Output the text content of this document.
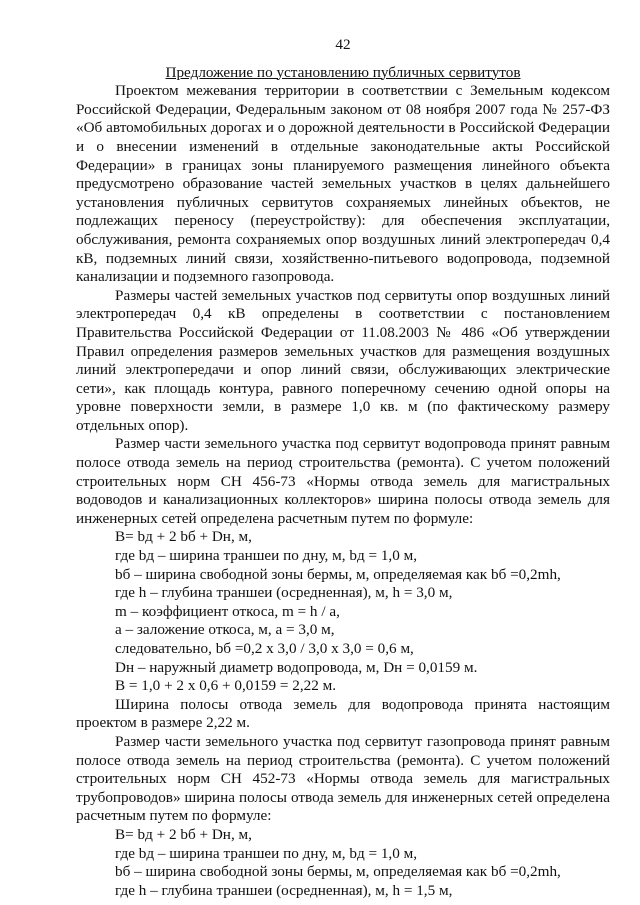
42
Предложение по установлению публичных сервитутов

Проектом межевания территории в соответствии с Земельным кодексом Российской Федерации, Федеральным законом от 08 ноября 2007 года № 257-ФЗ «Об автомобильных дорогах и о дорожной деятельности в Российской Федерации и о внесении изменений в отдельные законодательные акты Российской Федерации» в границах зоны планируемого размещения линейного объекта предусмотрено образование частей земельных участков в целях дальнейшего установления публичных сервитутов сохраняемых линейных объектов, не подлежащих переносу (переустройству): для обеспечения эксплуатации, обслуживания, ремонта сохраняемых опор воздушных линий электропередач 0,4 кВ, подземных линий связи, хозяйственно-питьевого водопровода, подземной канализации и подземного газопровода.

Размеры частей земельных участков под сервитуты опор воздушных линий электропередач 0,4 кВ определены в соответствии с постановлением Правительства Российской Федерации от 11.08.2003 № 486 «Об утверждении Правил определения размеров земельных участков для размещения воздушных линий электропередачи и опор линий связи, обслуживающих электрические сети», как площадь контура, равного поперечному сечению одной опоры на уровне поверхности земли, в размере 1,0 кв. м (по фактическому размеру отдельных опор).

Размер части земельного участка под сервитут водопровода принят равным полосе отвода земель на период строительства (ремонта). С учетом положений строительных норм СН 456-73 «Нормы отвода земель для магистральных водоводов и канализационных коллекторов» ширина полосы отвода земель для инженерных сетей определена расчетным путем по формуле:

B= bд + 2 bб + Dн, м,

где bд – ширина траншеи по дну, м, bд = 1,0 м,

bб – ширина свободной зоны бермы, м, определяемая как bб =0,2mh,

где h – глубина траншеи (осредненная), м, h = 3,0 м,

m – коэффициент откоса, m = h / a,

а – заложение откоса, м, а = 3,0 м,

следовательно, bб =0,2 х 3,0 / 3,0 х 3,0 = 0,6 м,

Dн – наружный диаметр водопровода, м, Dн = 0,0159 м.

B = 1,0 + 2 х 0,6 + 0,0159 = 2,22 м.

Ширина полосы отвода земель для водопровода принята настоящим проектом в размере 2,22 м.

Размер части земельного участка под сервитут газопровода принят равным полосе отвода земель на период строительства (ремонта). С учетом положений строительных норм СН 452-73 «Нормы отвода земель для магистральных трубопроводов» ширина полосы отвода земель для инженерных сетей определена расчетным путем по формуле:

B= bд + 2 bб + Dн, м,

где bд – ширина траншеи по дну, м, bд = 1,0 м,

bб – ширина свободной зоны бермы, м, определяемая как bб =0,2mh,

где h – глубина траншеи (осредненная), м, h = 1,5 м,
